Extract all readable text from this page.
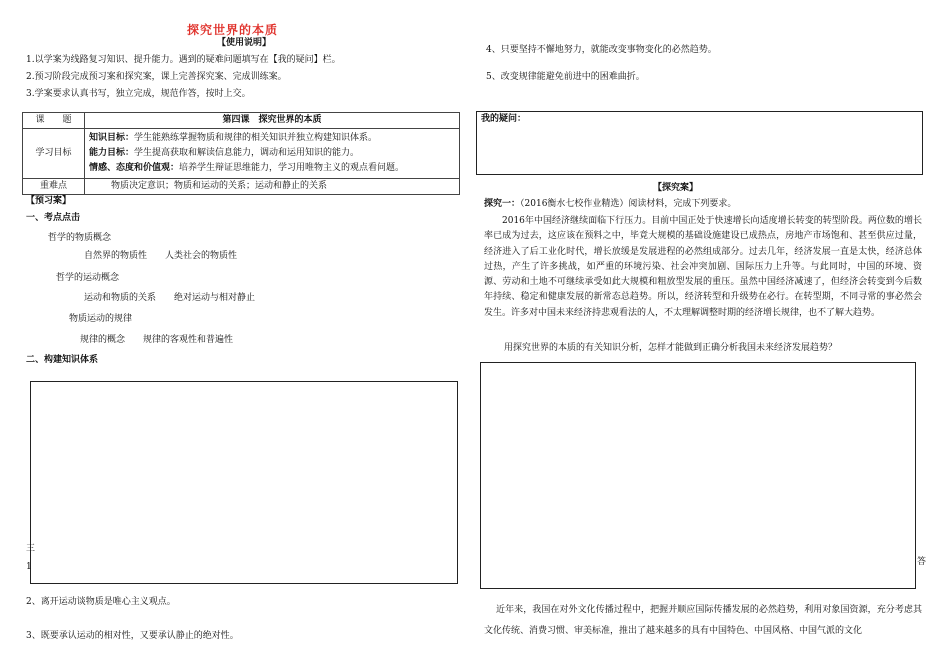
探究世界的本质
【使用说明】
1.以学案为线路复习知识、提升能力。遇到的疑难问题填写在【我的疑问】栏。
2.预习阶段完成预习案和探究案，课上完善探究案、完成训练案。
3.学案要求认真书写，独立完成，规范作答，按时上交。
课　　题	第四课　探究世界的本质
学习目标	知识目标：学生能熟练掌握物质和规律的相关知识并独立构建知识体系。
能力目标：学生提高获取和解读信息能力，调动和运用知识的能力。
情感、态度和价值观：培养学生辩证思维能力，学习用唯物主义的观点看问题。

重难点	物质决定意识；物质和运动的关系；运动和静止的关系
【预习案】
一、考点点击
哲学的物质概念
自然界的物质性　　人类社会的物质性
哲学的运动概念
运动和物质的关系　　绝对运动与相对静止
物质运动的规律
规律的概念　　规律的客观性和普遍性
二、构建知识体系
三
1
2、离开运动谈物质是唯心主义观点。
3、既要承认运动的相对性，又要承认静止的绝对性。
4、只要坚持不懈地努力，就能改变事物变化的必然趋势。
5、改变规律能避免前进中的困难曲折。
我的疑问：
【探究案】
探究一：（2016衡水七校作业精选）阅读材料，完成下列要求。
2016年中国经济继续面临下行压力。目前中国正处于快速增长向适度增长转变的转型阶段。两位数的增长率已成为过去，这应该在预料之中，毕竟大规模的基础设施建设已成热点，房地产市场饱和、甚至供应过量，经济进入了后工业化时代，增长放缓是发展进程的必然组成部分。过去几年，经济发展一直是太快，经济总体过热，产生了许多挑战，如严重的环境污染、社会冲突加剧、国际压力上升等。与此同时，中国的环境、资源、劳动和土地不可继续承受如此大规模和粗放型发展的重压。虽然中国经济减速了，但经济会转变到今后数年持续、稳定和健康发展的新常态总趋势。所以，经济转型和升级势在必行。在转型期，不同寻常的事必然会发生。许多对中国未来经济持悲观看法的人，不太理解调整时期的经济增长规律，也不了解大趋势。
用探究世界的本质的有关知识分析，怎样才能做到正确分析我国未来经济发展趋势？
答
近年来，我国在对外文化传播过程中，把握并顺应国际传播发展的必然趋势，利用对象国资源，充分考虑其文化传统、消费习惯、审美标准，推出了越来越多的具有中国特色、中国风格、中国气派的文化
